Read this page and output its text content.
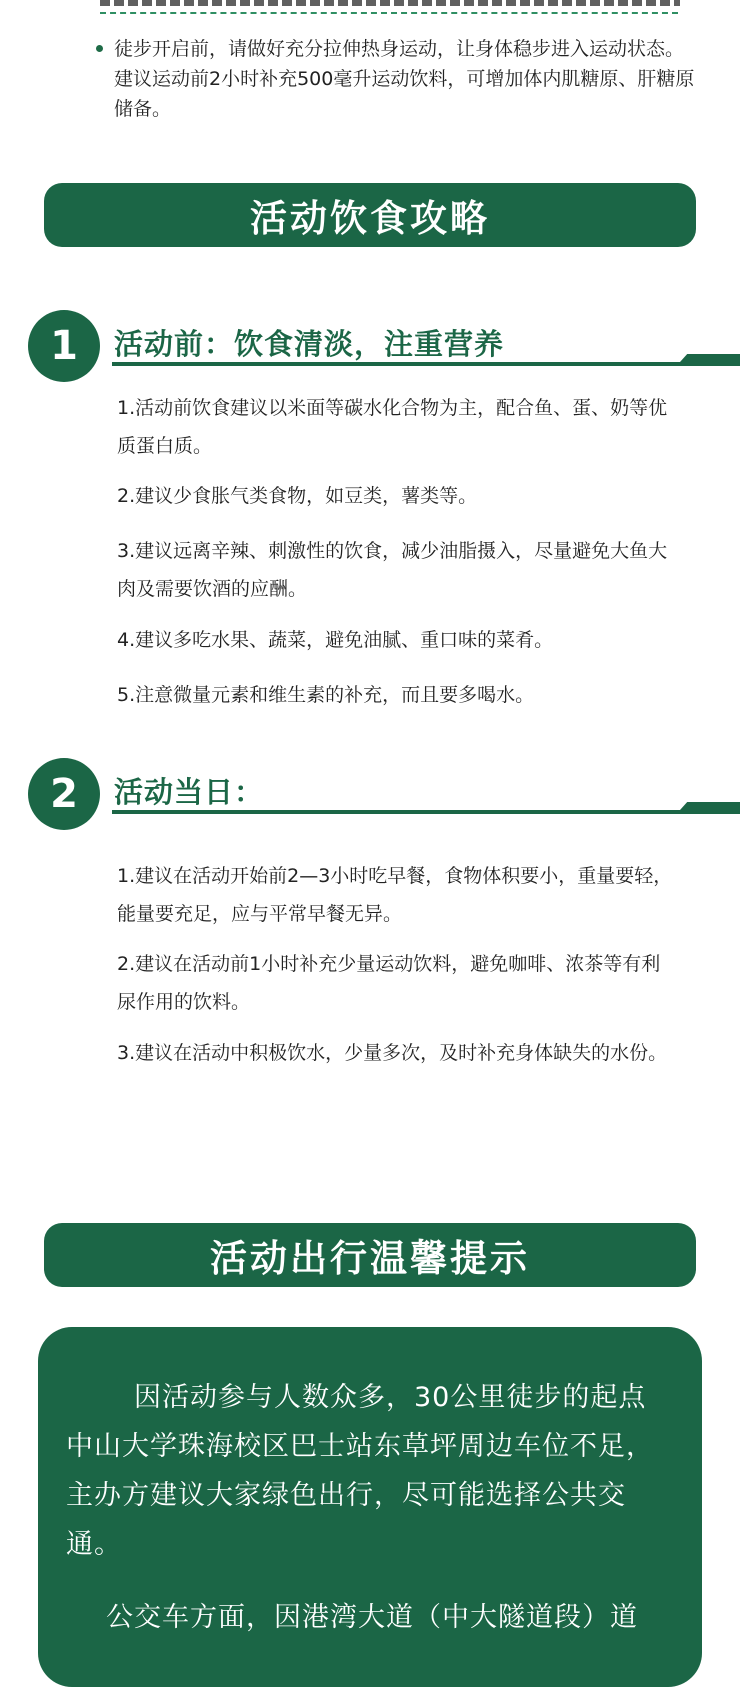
徒步开启前，请做好充分拉伸热身运动，让身体稳步进入运动状态。建议运动前2小时补充500毫升运动饮料，可增加体内肌糖原、肝糖原储备。
活动饮食攻略
1	活动前：饮食清淡，注重营养
1.活动前饮食建议以米面等碳水化合物为主，配合鱼、蛋、奶等优质蛋白质。
2.建议少食胀气类食物，如豆类，薯类等。
3.建议远离辛辣、刺激性的饮食，减少油脂摄入，尽量避免大鱼大肉及需要饮酒的应酬。
4.建议多吃水果、蔬菜，避免油腻、重口味的菜肴。
5.注意微量元素和维生素的补充，而且要多喝水。
2	活动当日：
1.建议在活动开始前2—3小时吃早餐，食物体积要小，重量要轻，能量要充足，应与平常早餐无异。
2.建议在活动前1小时补充少量运动饮料，避免咖啡、浓茶等有利尿作用的饮料。
3.建议在活动中积极饮水，少量多次，及时补充身体缺失的水份。
活动出行温馨提示
因活动参与人数众多，30公里徒步的起点中山大学珠海校区巴士站东草坪周边车位不足，主办方建议大家绿色出行，尽可能选择公共交通。
公交车方面，因港湾大道（中大隧道段）道
